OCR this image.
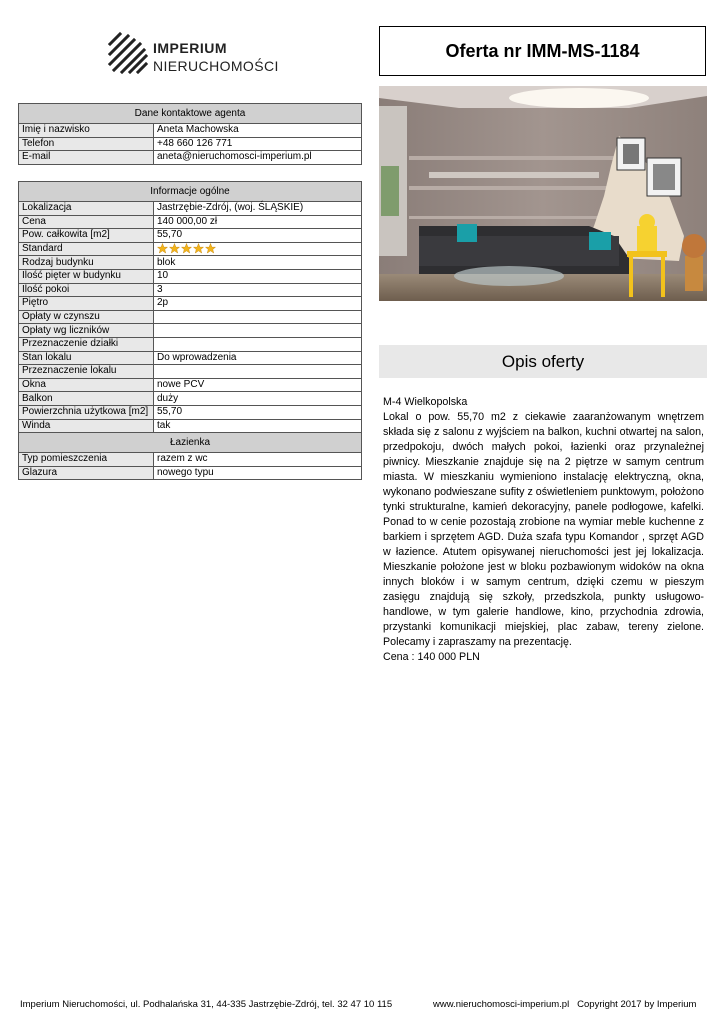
IMPERIUM
NIERUCHOMOŚCI
Oferta nr IMM-MS-1184
Dane kontaktowe agenta	
Imię i nazwisko	Aneta Machowska
Telefon	+48 660 126 771
E-mail	aneta@nieruchomosci-imperium.pl
Informacje ogólne	
Lokalizacja	Jastrzębie-Zdrój, (woj. ŚLĄSKIE)
Cena	140 000,00 zł
Pow. całkowita [m2]	55,70
Standard	

Rodzaj budynku	blok
Ilość pięter w budynku	10
Ilość pokoi	3
Piętro	2p
Opłaty w czynszu	
Opłaty wg liczników	
Przeznaczenie działki	
Stan lokalu	Do wprowadzenia
Przeznaczenie lokalu	
Okna	nowe PCV
Balkon	duży
Powierzchnia użytkowa [m2]	55,70
Winda	tak
Łazienka	
Typ pomieszczenia	razem z wc
Glazura	nowego typu
Opis oferty

M-4 Wielkopolska

Lokal o pow. 55,70 m2 z ciekawie zaaranżowanym wnętrzem składa się z salonu z wyjściem na balkon, kuchni otwartej na salon, przedpokoju, dwóch małych pokoi, łazienki oraz przynależnej piwnicy. Mieszkanie znajduje się na 2 piętrze w samym centrum miasta. W mieszkaniu wymieniono instalację elektryczną, okna, wykonano podwieszane sufity z oświetleniem punktowym, położono tynki strukturalne, kamień dekoracyjny, panele podłogowe, kafelki. Ponad to w cenie pozostają zrobione na wymiar meble kuchenne z barkiem i sprzętem AGD. Duża szafa typu Komandor , sprzęt AGD w łazience. Atutem opisywanej nieruchomości jest jej lokalizacja. Mieszkanie położone jest w bloku pozbawionym widoków na okna innych bloków i w samym centrum, dzięki czemu w pieszym zasięgu znajdują się szkoły, przedszkola, punkty usługowo-handlowe, w tym galerie handlowe, kino, przychodnia zdrowia, przystanki komunikacji miejskiej, plac zabaw, tereny zielone. Polecamy i zapraszamy na prezentację.

Cena : 140 000 PLN

Imperium Nieruchomości, ul. Podhalańska 31, 44-335 Jastrzębie-Zdrój, tel. 32 47 10 115	www.nieruchomosci-imperium.pl Copyright 2017 by Imperium
